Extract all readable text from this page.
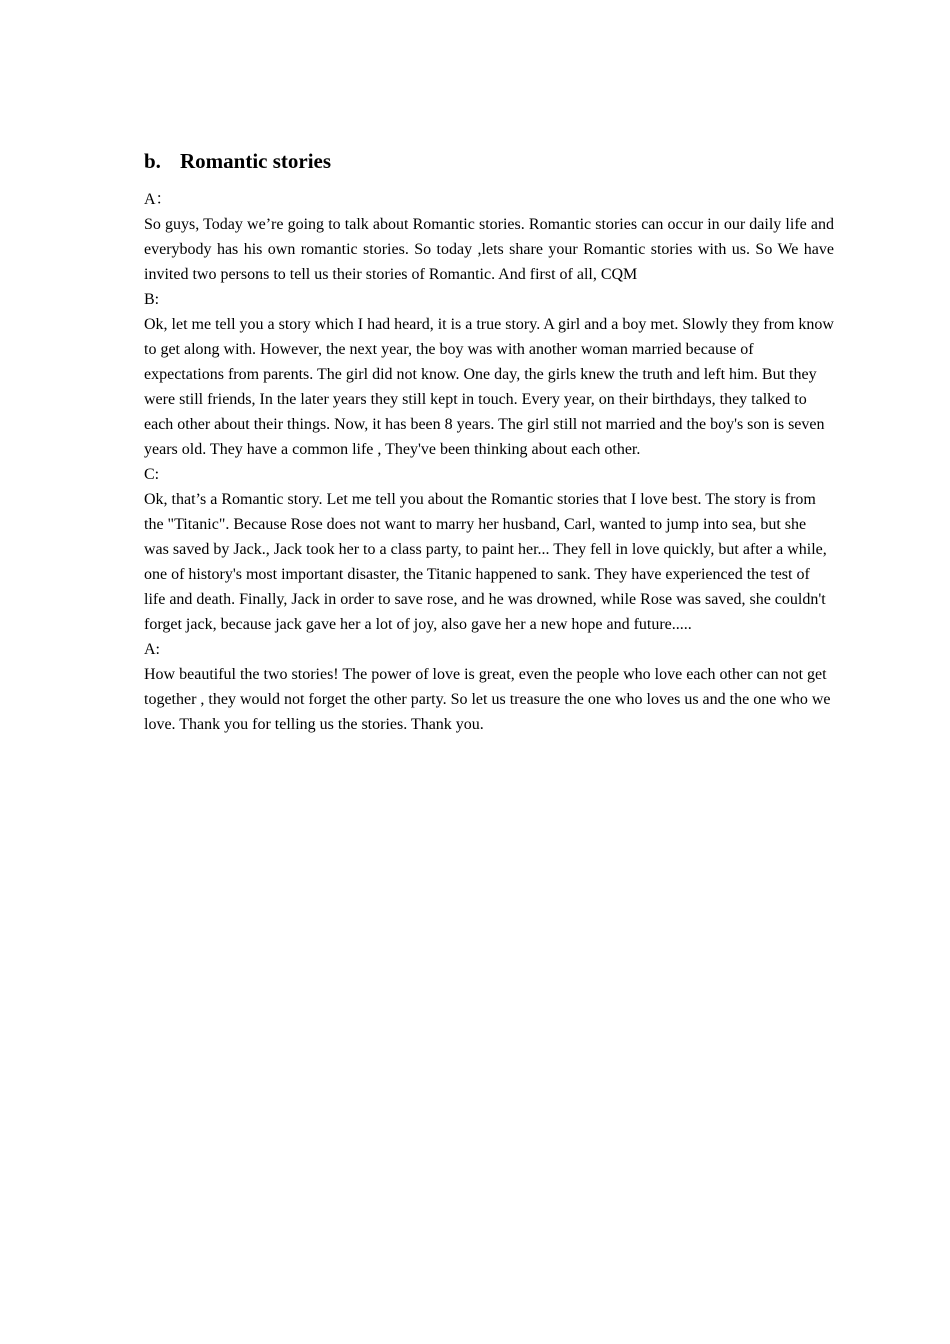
b. Romantic stories

A：

So guys, Today we’re going to talk about Romantic stories. Romantic stories can occur in our daily life and everybody has his own romantic stories. So today ,lets share your Romantic stories with us. So We have invited two persons to tell us their stories of Romantic. And first of all, CQM

B:

Ok, let me tell you a story which I had heard, it is a true story. A girl and a boy met. Slowly they from know to get along with. However, the next year, the boy was with another woman married because of expectations from parents. The girl did not know. One day, the girls knew the truth and left him. But they were still friends, In the later years they still kept in touch. Every year, on their birthdays, they talked to each other about their things. Now, it has been 8 years. The girl still not married and the boy's son is seven years old. They have a common life , They've been thinking about each other.

C:

Ok, that’s a Romantic story. Let me tell you about the Romantic stories that I love best. The story is from the "Titanic". Because Rose does not want to marry her husband, Carl, wanted to jump into sea, but she was saved by Jack., Jack took her to a class party, to paint her... They fell in love quickly, but after a while, one of history's most important disaster, the Titanic happened to sank. They have experienced the test of life and death. Finally, Jack in order to save rose, and he was drowned, while Rose was saved, she couldn't forget jack, because jack gave her a lot of joy, also gave her a new hope and future.....

A:

How beautiful the two stories! The power of love is great, even the people who love each other can not get together , they would not forget the other party. So let us treasure the one who loves us and the one who we love. Thank you for telling us the stories. Thank you.
